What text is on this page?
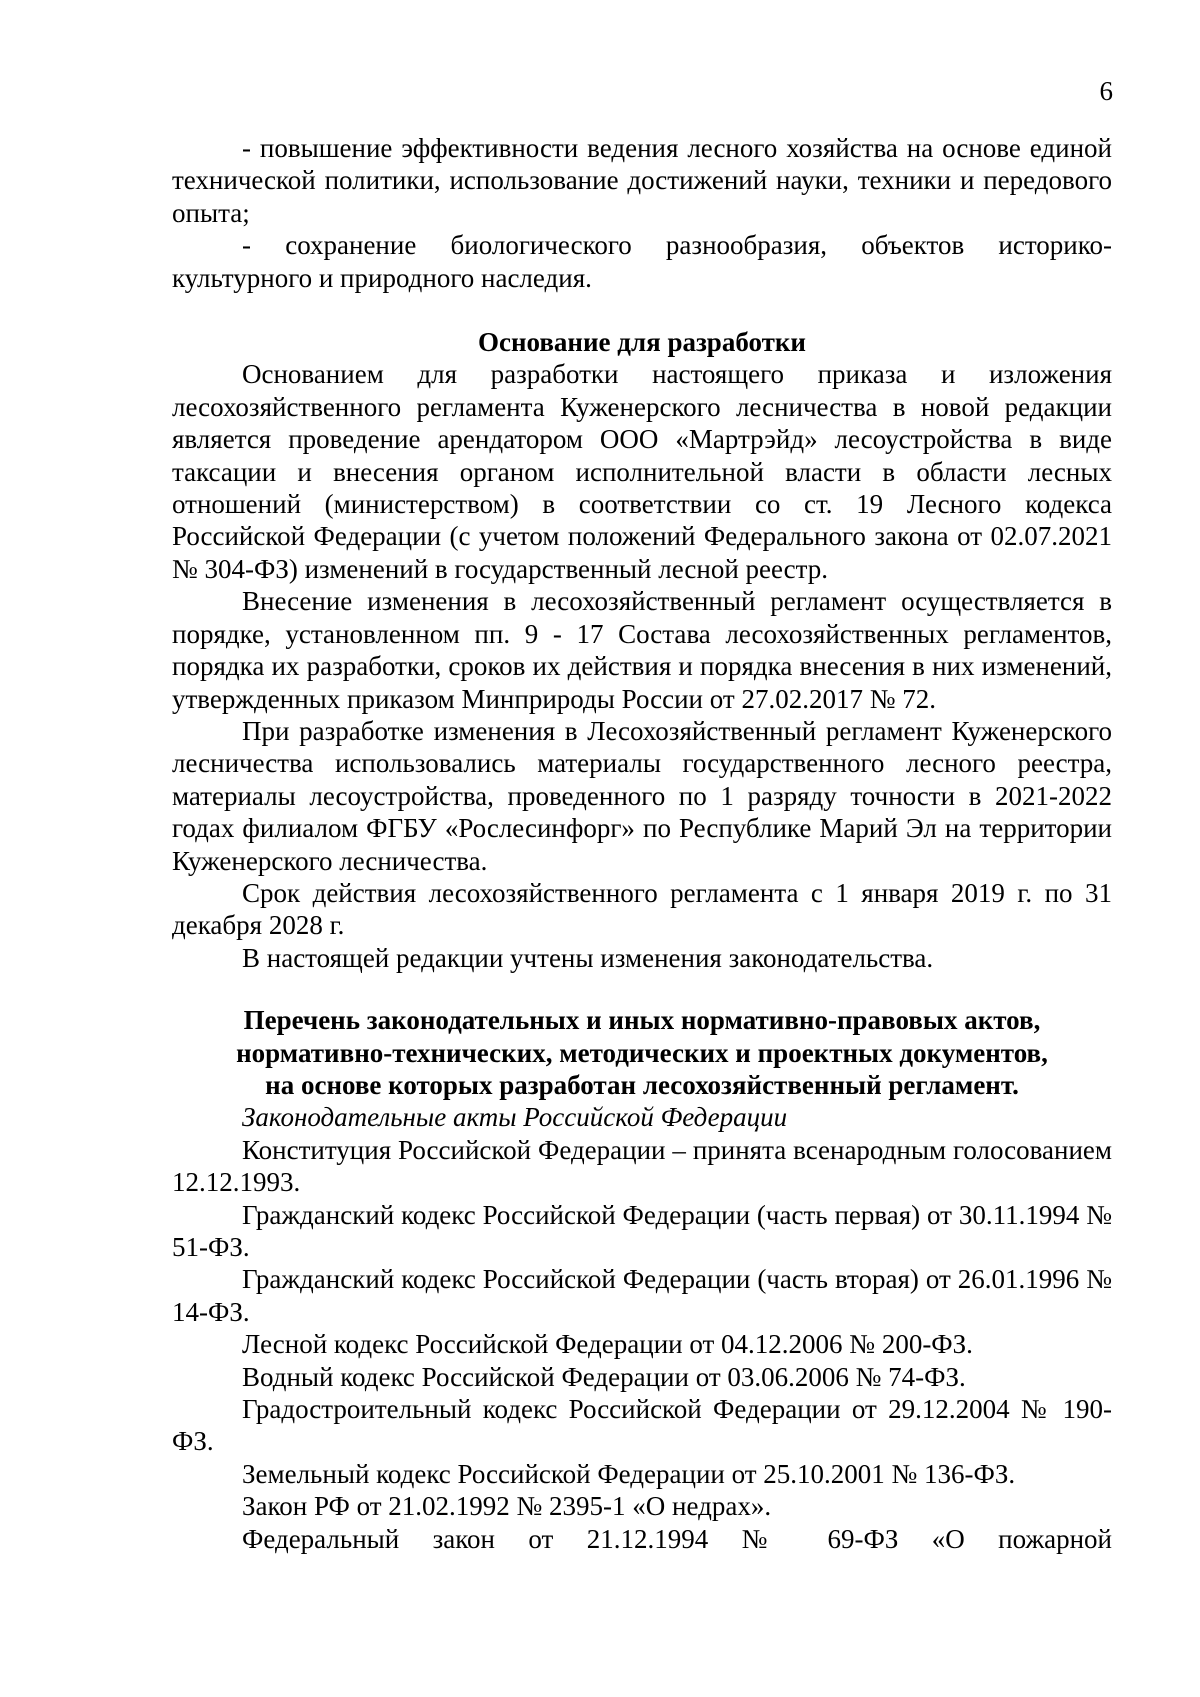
6

- повышение эффективности ведения лесного хозяйства на основе единой технической политики, использование достижений науки, техники и передового опыта;

- сохранение биологического разнообразия, объектов историко-культурного и природного наследия.

Основание для разработки

Основанием для разработки настоящего приказа и изложения лесохозяйственного регламента Куженерского лесничества в новой редакции является проведение арендатором ООО «Мартрэйд» лесоустройства в виде таксации и внесения органом исполнительной власти в области лесных отношений (министерством) в соответствии со ст. 19 Лесного кодекса Российской Федерации (с учетом положений Федерального закона от 02.07.2021 № 304-ФЗ) изменений в государственный лесной реестр.

Внесение изменения в лесохозяйственный регламент осуществляется в порядке, установленном пп. 9 - 17 Состава лесохозяйственных регламентов, порядка их разработки, сроков их действия и порядка внесения в них изменений, утвержденных приказом Минприроды России от 27.02.2017 № 72.

При разработке изменения в Лесохозяйственный регламент Куженерского лесничества использовались материалы государственного лесного реестра, материалы лесоустройства, проведенного по 1 разряду точности в 2021-2022 годах филиалом ФГБУ «Рослесинфорг» по Республике Марий Эл на территории Куженерского лесничества.

Срок действия лесохозяйственного регламента с 1 января 2019 г. по 31 декабря 2028 г.

В настоящей редакции учтены изменения законодательства.

Перечень законодательных и иных нормативно-правовых актов,
нормативно-технических, методических и проектных документов,
на основе которых разработан лесохозяйственный регламент.

Законодательные акты Российской Федерации

Конституция Российской Федерации – принята всенародным голосованием 12.12.1993.

Гражданский кодекс Российской Федерации (часть первая) от 30.11.1994 № 51-ФЗ.

Гражданский кодекс Российской Федерации (часть вторая) от 26.01.1996 № 14-ФЗ.

Лесной кодекс Российской Федерации от 04.12.2006 № 200-ФЗ.

Водный кодекс Российской Федерации от 03.06.2006 № 74-ФЗ.

Градостроительный кодекс Российской Федерации от 29.12.2004 № 190-ФЗ.

Земельный кодекс Российской Федерации от 25.10.2001 № 136-ФЗ.

Закон РФ от 21.02.1992 № 2395-1 «О недрах».

Федеральный закон от 21.12.1994 № 69-ФЗ «О пожарной
